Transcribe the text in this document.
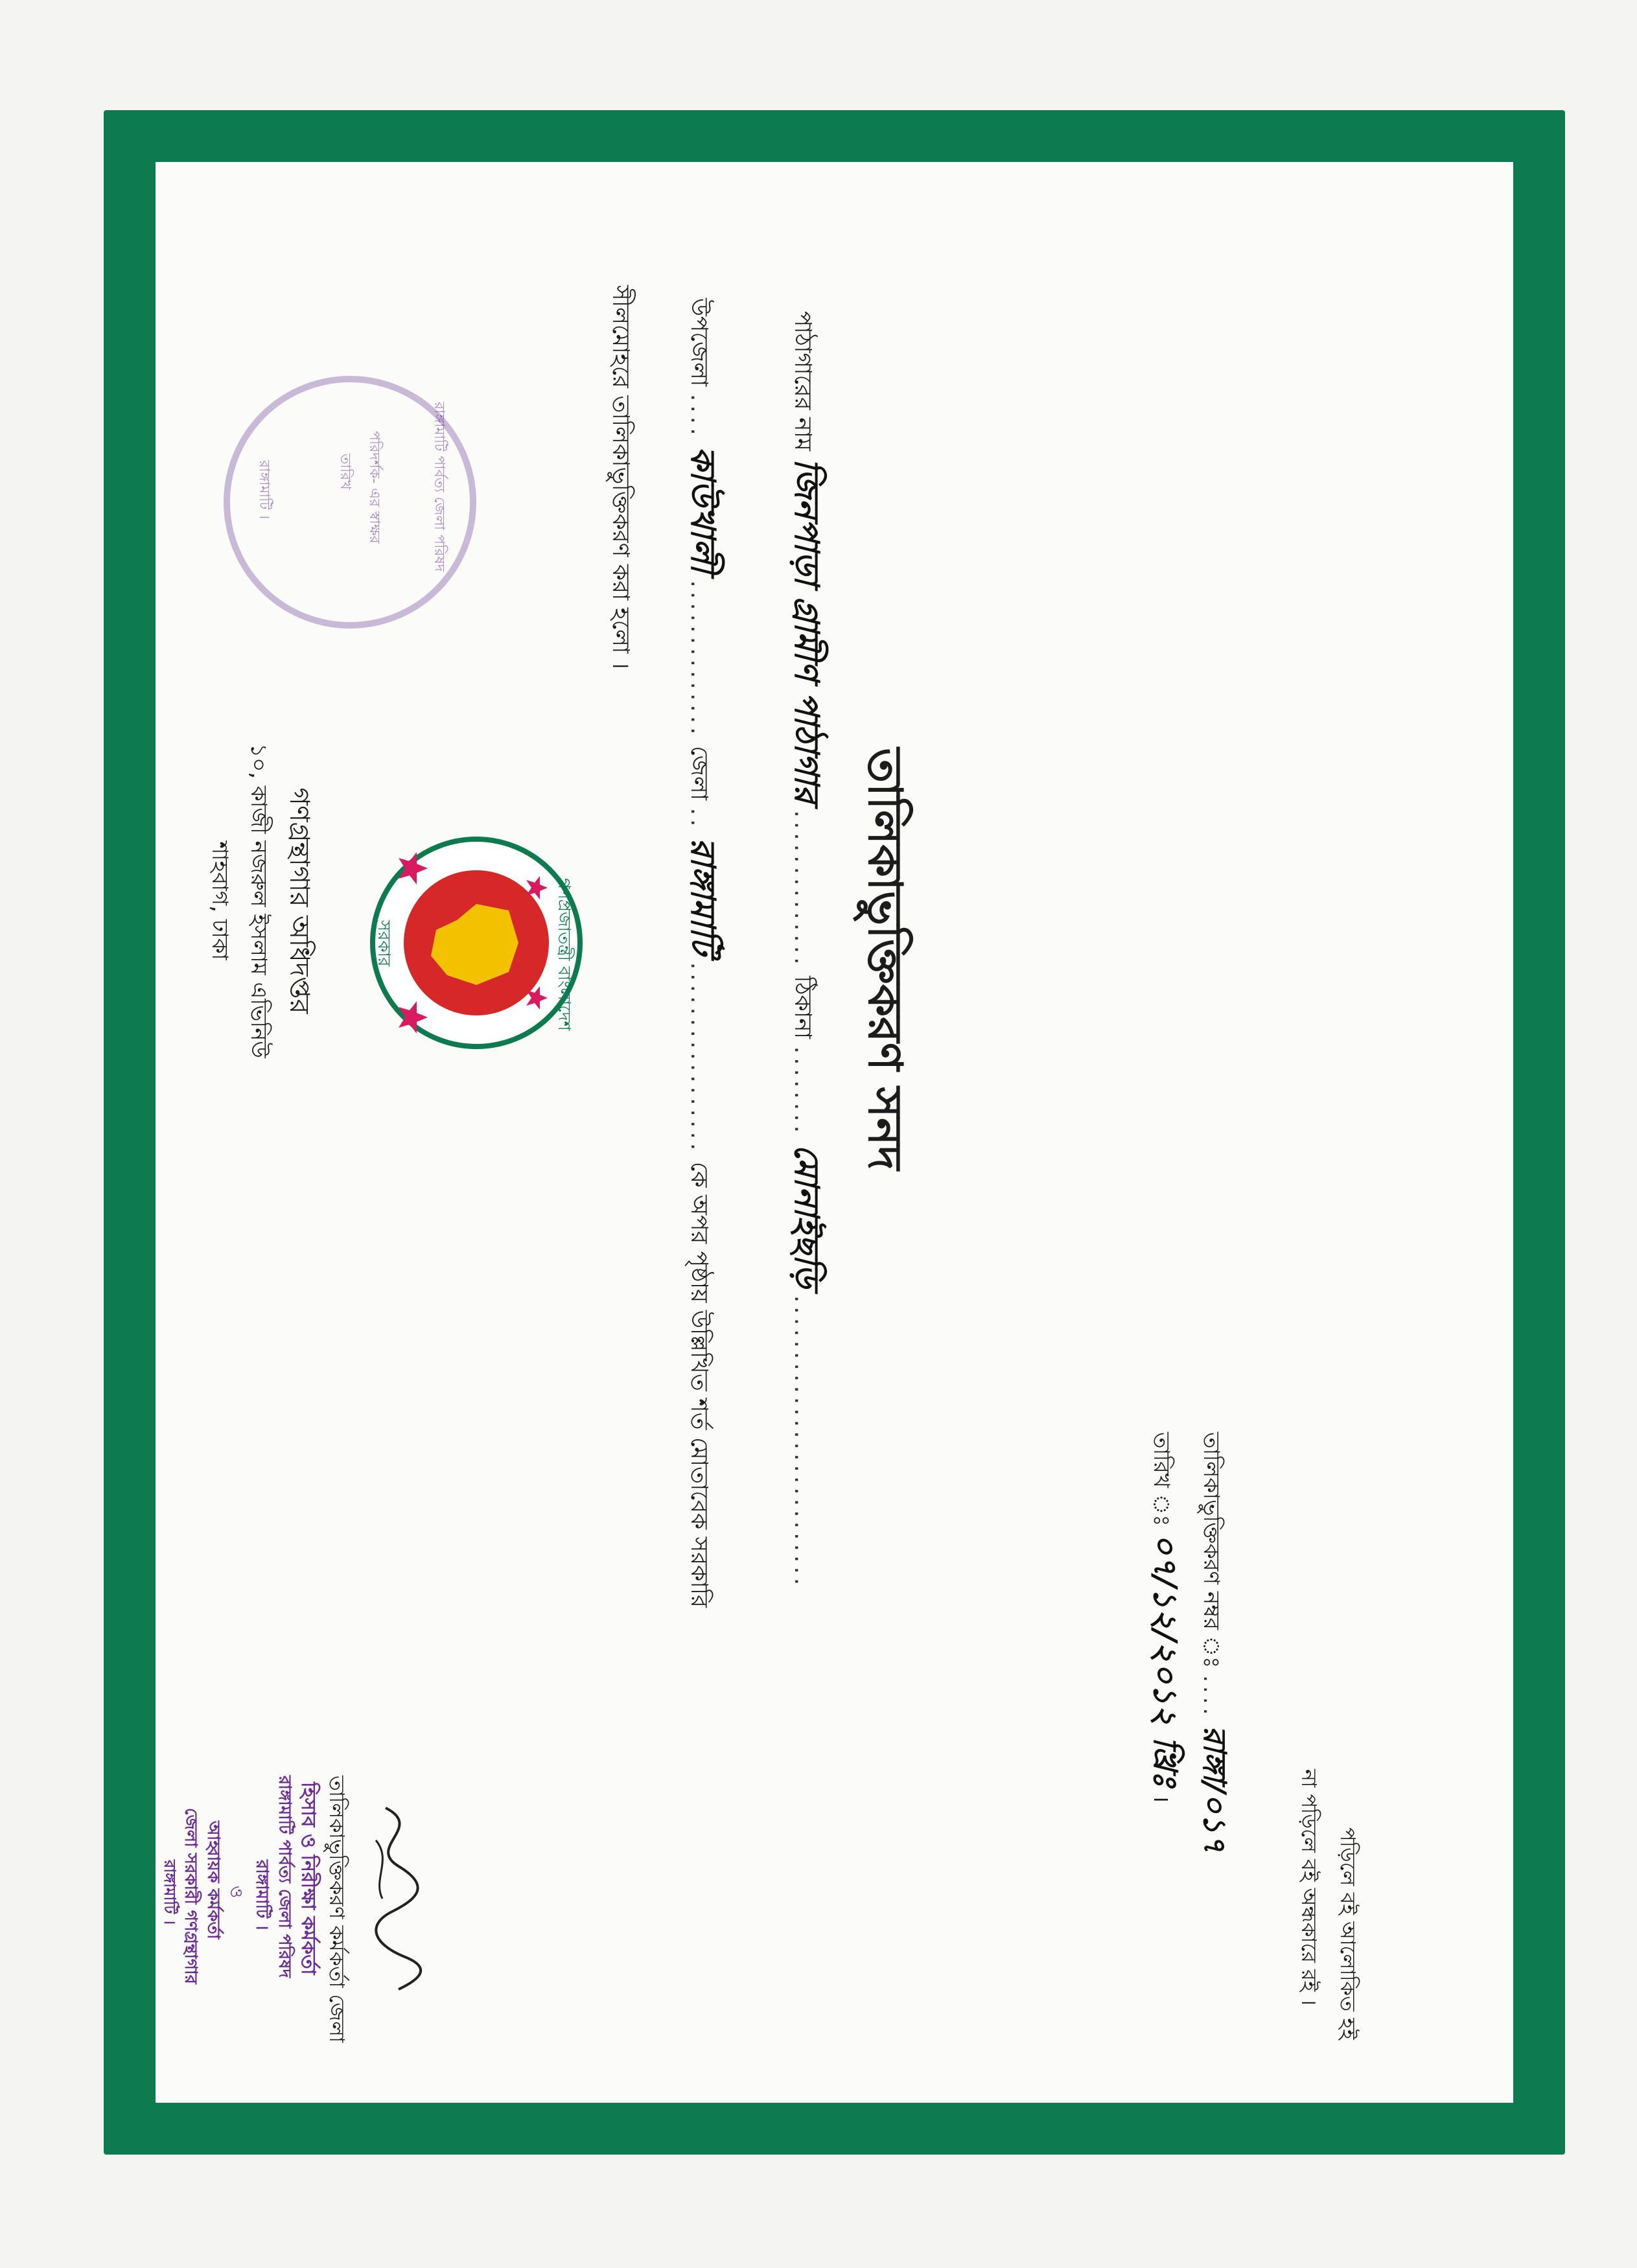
পড়িলে বই আলোকিত হই
না পড়িলে বই অন্ধকারে রই ।
তালিকাভুক্তিকরণ নম্বর ঃ .... রাঙ্গা/০১৭
তারিখ ঃ ০৭/১২/২০১২ খ্রিঃ ।
গণপ্রজাতন্ত্রী বাংলাদেশ
সরকার
গণগ্রন্থাগার অধিদপ্তর
১০, কাজী নজরুল ইসলাম এভিনিউ
শাহবাগ, ঢাকা	তালিকাভুক্তিকরণ সনদ
পাঠাগারের নাম জিনপাড়া গ্রামীণ পাঠাগার .............. ঠিকানা ........ মোনাইছড়ি ..........................
উপজেলা .... কাউখালী .............. জেলা .. রাঙ্গামাটি ................. কে অপর পৃষ্ঠায় উল্লিখিত শর্ত মোতাবেক সরকারি
সীলমোহরে তালিকাভুক্তিকরণ করা হলো ।
রাঙ্গামাটি পার্বত্য জেলা পরিষদ
পরিদর্শক- এর স্বাক্ষর
তারিখ
রাঙ্গামাটি ।
তালিকাভুক্তিকরণ কর্মকর্তা জেলা
হিসাব ও নিরীক্ষা কর্মকর্তা
রাঙ্গামাটি পার্বত্য জেলা পরিষদ
রাঙ্গামাটি ।
ও
আহ্বায়ক কর্মকর্তা
জেলা সরকারী গণগ্রন্থাগার
রাঙ্গামাটি ।
